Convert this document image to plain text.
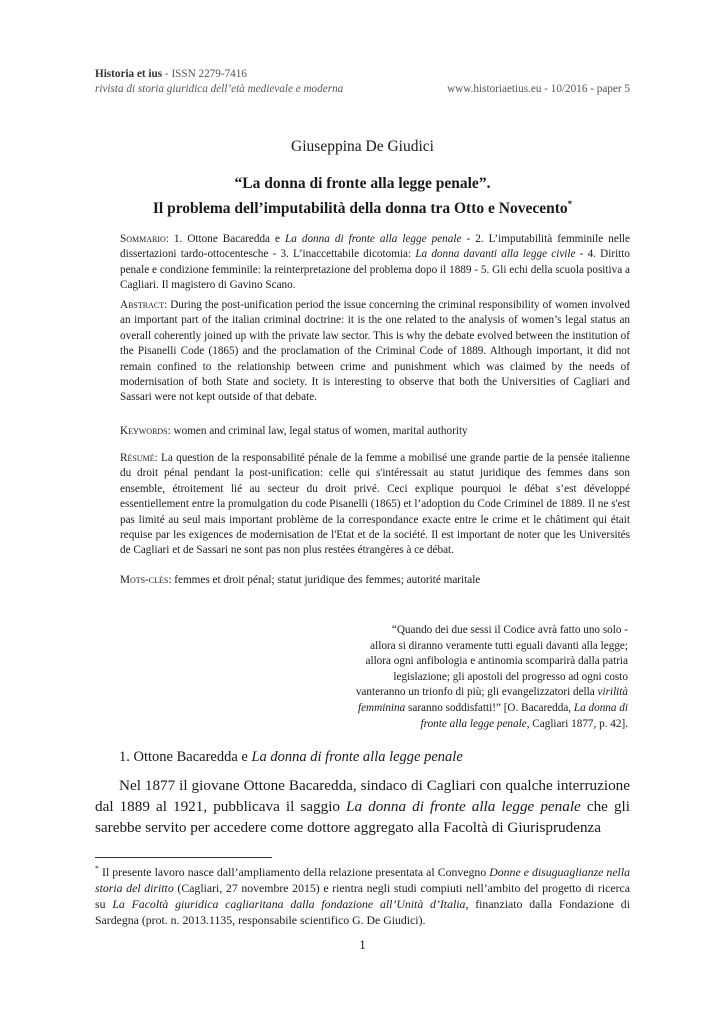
Historia et ius - ISSN 2279-7416
rivista di storia giuridica dell’età medievale e moderna	www.historiaetius.eu - 10/2016 - paper 5
Giuseppina De Giudici
“La donna di fronte alla legge penale”.
Il problema dell’imputabilità della donna tra Otto e Novecento*
Sommario: 1. Ottone Bacaredda e La donna di fronte alla legge penale - 2. L’imputabilità femminile nelle dissertazioni tardo-ottocentesche - 3. L’inaccettabile dicotomia: La donna davanti alla legge civile - 4. Diritto penale e condizione femminile: la reinterpretazione del problema dopo il 1889 - 5. Gli echi della scuola positiva a Cagliari. Il magistero di Gavino Scano.
Abstract: During the post-unification period the issue concerning the criminal responsibility of women involved an important part of the italian criminal doctrine: it is the one related to the analysis of women’s legal status an overall coherently joined up with the private law sector. This is why the debate evolved between the institution of the Pisanelli Code (1865) and the proclamation of the Criminal Code of 1889. Although important, it did not remain confined to the relationship between crime and punishment which was claimed by the needs of modernisation of both State and society. It is interesting to observe that both the Universities of Cagliari and Sassari were not kept outside of that debate.
Keywords: women and criminal law, legal status of women, marital authority
Résumé: La question de la responsabilité pénale de la femme a mobilisé une grande partie de la pensée italienne du droit pénal pendant la post-unification: celle qui s'intéressait au statut juridique des femmes dans son ensemble, étroitement lié au secteur du droit privé. Ceci explique pourquoi le débat s’est développé essentiellement entre la promulgation du code Pisanelli (1865) et l’adoption du Code Criminel de 1889. Il ne s'est pas limité au seul mais important problème de la correspondance exacte entre le crime et le châtiment qui était requise par les exigences de modernisation de l'Etat et de la société. Il est important de noter que les Universités de Cagliari et de Sassari ne sont pas non plus restées étrangères à ce débat.
Mots-clés: femmes et droit pénal; statut juridique des femmes; autorité maritale
“Quando dei due sessi il Codice avrà fatto uno solo -
allora si diranno veramente tutti eguali davanti alla legge;
allora ogni anfibologia e antinomia scomparirà dalla patria
legislazione; gli apostoli del progresso ad ogni costo
vanteranno un trionfo di più; gli evangelizzatori della virilità
femminina saranno soddisfatti!” [O. Bacaredda, La donna di
fronte alla legge penale, Cagliari 1877, p. 42].
1. Ottone Bacaredda e La donna di fronte alla legge penale
Nel 1877 il giovane Ottone Bacaredda, sindaco di Cagliari con qualche interruzione dal 1889 al 1921, pubblicava il saggio La donna di fronte alla legge penale che gli sarebbe servito per accedere come dottore aggregato alla Facoltà di Giurisprudenza
* Il presente lavoro nasce dall’ampliamento della relazione presentata al Convegno Donne e disuguaglianze nella storia del diritto (Cagliari, 27 novembre 2015) e rientra negli studi compiuti nell’ambito del progetto di ricerca su La Facoltà giuridica cagliaritana dalla fondazione all’Unità d’Italia, finanziato dalla Fondazione di Sardegna (prot. n. 2013.1135, responsabile scientifico G. De Giudici).
1
